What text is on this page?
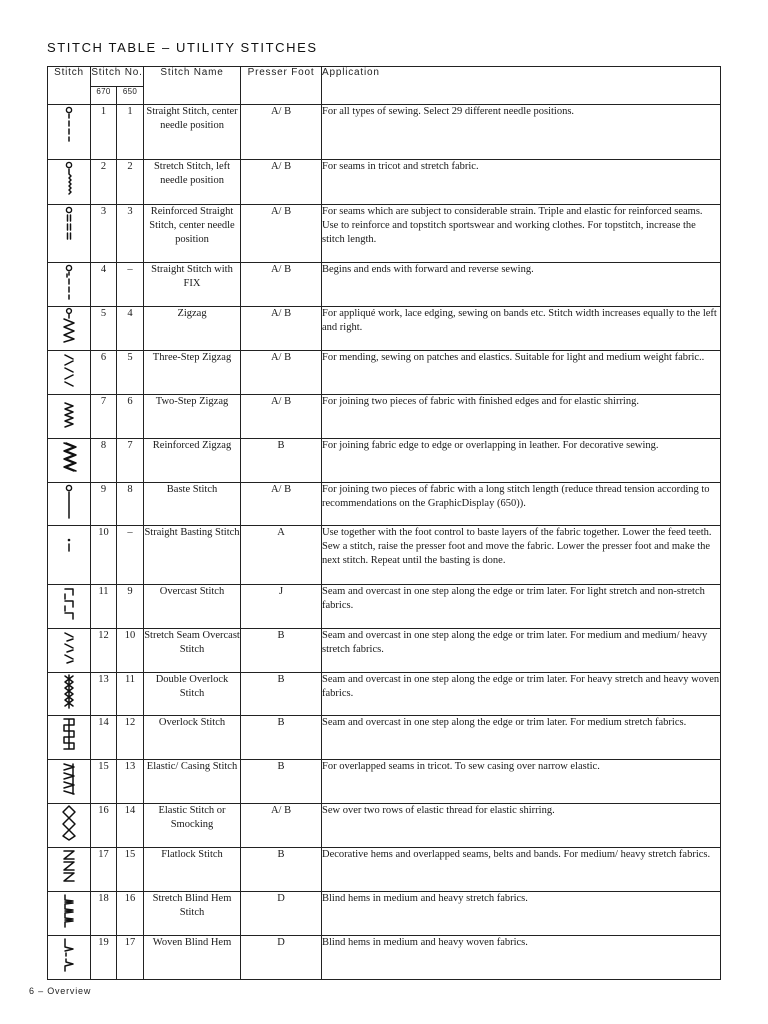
STITCH TABLE – UTILITY STITCHES
Stitch	Stitch No.		Stitch Name	Presser Foot	Application
	670	650			

	1	1	Straight Stitch, center needle position	A/ B	For all types of sewing. Select 29 different needle positions.

	2	2	Stretch Stitch, left needle position	A/ B	For seams in tricot and stretch fabric.

	3	3	Reinforced Straight Stitch, center needle position	A/ B	For seams which are subject to considerable strain. Triple and elastic for reinforced seams. Use to reinforce and topstitch sportswear and working clothes. For topstitch, increase the stitch length.

	4	–	Straight Stitch with FIX	A/ B	Begins and ends with forward and reverse sewing.

	5	4	Zigzag	A/ B	For appliqué work, lace edging, sewing on bands etc. Stitch width increases equally to the left and right.

	6	5	Three-Step Zigzag	A/ B	For mending, sewing on patches and elastics. Suitable for light and medium weight fabric..

	7	6	Two-Step Zigzag	A/ B	For joining two pieces of fabric with finished edges and for elastic shirring.

	8	7	Reinforced Zigzag	B	For joining fabric edge to edge or overlapping in leather. For decorative sewing.

	9	8	Baste Stitch	A/ B	For joining two pieces of fabric with a long stitch length (reduce thread tension according to recommendations on the GraphicDisplay (650)).

	10	–	Straight Basting Stitch	A	Use together with the foot control to baste layers of the fabric together. Lower the feed teeth. Sew a stitch, raise the presser foot and move the fabric. Lower the presser foot and make the next stitch. Repeat until the basting is done.

	11	9	Overcast Stitch	J	Seam and overcast in one step along the edge or trim later. For light stretch and non-stretch fabrics.

	12	10	Stretch Seam Overcast Stitch	B	Seam and overcast in one step along the edge or trim later. For medium and medium/ heavy stretch fabrics.

	13	11	Double Overlock Stitch	B	Seam and overcast in one step along the edge or trim later. For heavy stretch and heavy woven fabrics.

	14	12	Overlock Stitch	B	Seam and overcast in one step along the edge or trim later. For medium stretch fabrics.

	15	13	Elastic/ Casing Stitch	B	For overlapped seams in tricot. To sew casing over narrow elastic.

	16	14	Elastic Stitch or Smocking	A/ B	Sew over two rows of elastic thread for elastic shirring.

	17	15	Flatlock Stitch	B	Decorative hems and overlapped seams, belts and bands. For medium/ heavy stretch fabrics.

	18	16	Stretch Blind Hem Stitch	D	Blind hems in medium and heavy stretch fabrics.

	19	17	Woven Blind Hem	D	Blind hems in medium and heavy woven fabrics.
6 – Overview
